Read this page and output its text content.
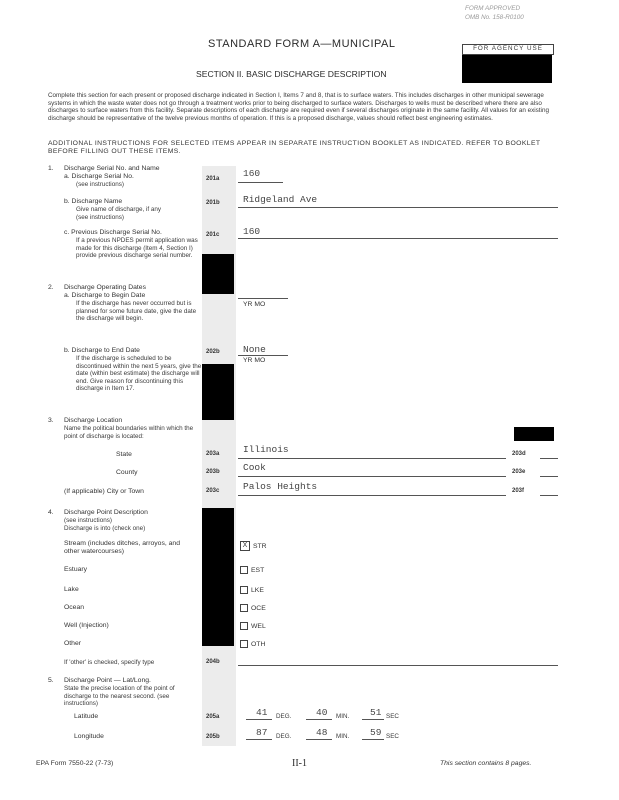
FORM APPROVED
OMB No. 158-R0100
STANDARD FORM A—MUNICIPAL	FOR AGENCY USE
SECTION II. BASIC DISCHARGE DESCRIPTION
Complete this section for each present or proposed discharge indicated in Section I, Items 7 and 8, that is to surface waters. This includes discharges in other municipal sewerage systems in which the waste water does not go through a treatment works prior to being discharged to surface waters. Discharges to wells must be described where there are also discharges to surface waters from this facility. Separate descriptions of each discharge are required even if several discharges originate in the same facility. All values for an existing discharge should be representative of the twelve previous months of operation. If this is a proposed discharge, values should reflect best engineering estimates.
ADDITIONAL INSTRUCTIONS FOR SELECTED ITEMS APPEAR IN SEPARATE INSTRUCTION BOOKLET AS INDICATED. REFER TO BOOKLET BEFORE FILLING OUT THESE ITEMS.
1. Discharge Serial No. and Name
a. Discharge Serial No.
(see instructions)
201a 160
b. Discharge Name
Give name of discharge, if any
(see instructions)
201b Ridgeland Ave
c. Previous Discharge Serial No.
If a previous NPDES permit application was made for this discharge (Item 4, Section I) provide previous discharge serial number.
201c 160
2. Discharge Operating Dates
a. Discharge to Begin Date
If the discharge has never occurred but is planned for some future date, give the date the discharge will begin.
YR MO
b. Discharge to End Date
If the discharge is scheduled to be discontinued within the next 5 years, give the date (within best estimate) the discharge will end. Give reason for discontinuing this discharge in Item 17.
202b None
YR MO
3. Discharge Location
Name the political boundaries within which the point of discharge is located:
State	203a Illinois	203d
County	203b Cook	203e
(If applicable) City or Town	203c Palos Heights	203f
4. Discharge Point Description
(see instructions)
Discharge is into (check one)
Stream (includes ditches, arroyos, and other watercourses)
X STR
Estuary	EST
Lake	LKE
Ocean	OCE
Well (Injection)	WEL
Other	OTH
If 'other' is checked, specify type	204b
5. Discharge Point — Lat/Long.
State the precise location of the point of discharge to the nearest second. (see instructions)
Latitude	205a	41 DEG.	40 MIN. 51 SEC
Longitude	205b	87 DEG.	48 MIN. 59 SEC
EPA Form 7550-22 (7-73)	II-1	This section contains 8 pages.
